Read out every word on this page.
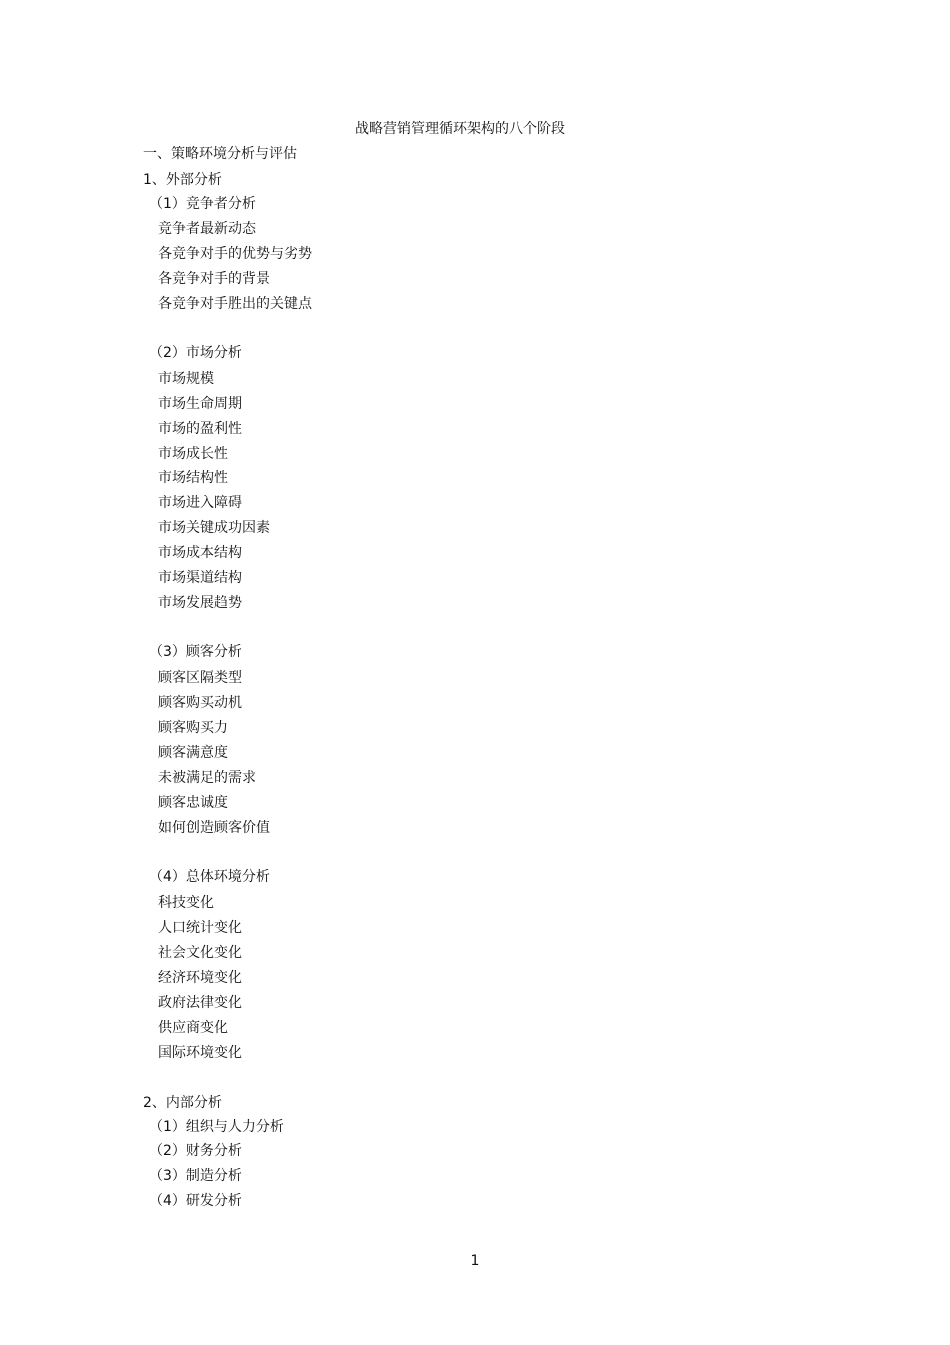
战略营销管理循环架构的八个阶段
一、策略环境分析与评估
1、外部分析
（1）竞争者分析
竞争者最新动态
各竞争对手的优势与劣势
各竞争对手的背景
各竞争对手胜出的关键点
（2）市场分析
市场规模
市场生命周期
市场的盈利性
市场成长性
市场结构性
市场进入障碍
市场关键成功因素
市场成本结构
市场渠道结构
市场发展趋势
（3）顾客分析
顾客区隔类型
顾客购买动机
顾客购买力
顾客满意度
未被满足的需求
顾客忠诚度
如何创造顾客价值
（4）总体环境分析
科技变化
人口统计变化
社会文化变化
经济环境变化
政府法律变化
供应商变化
国际环境变化
2、内部分析
（1）组织与人力分析
（2）财务分析
（3）制造分析
（4）研发分析
1
